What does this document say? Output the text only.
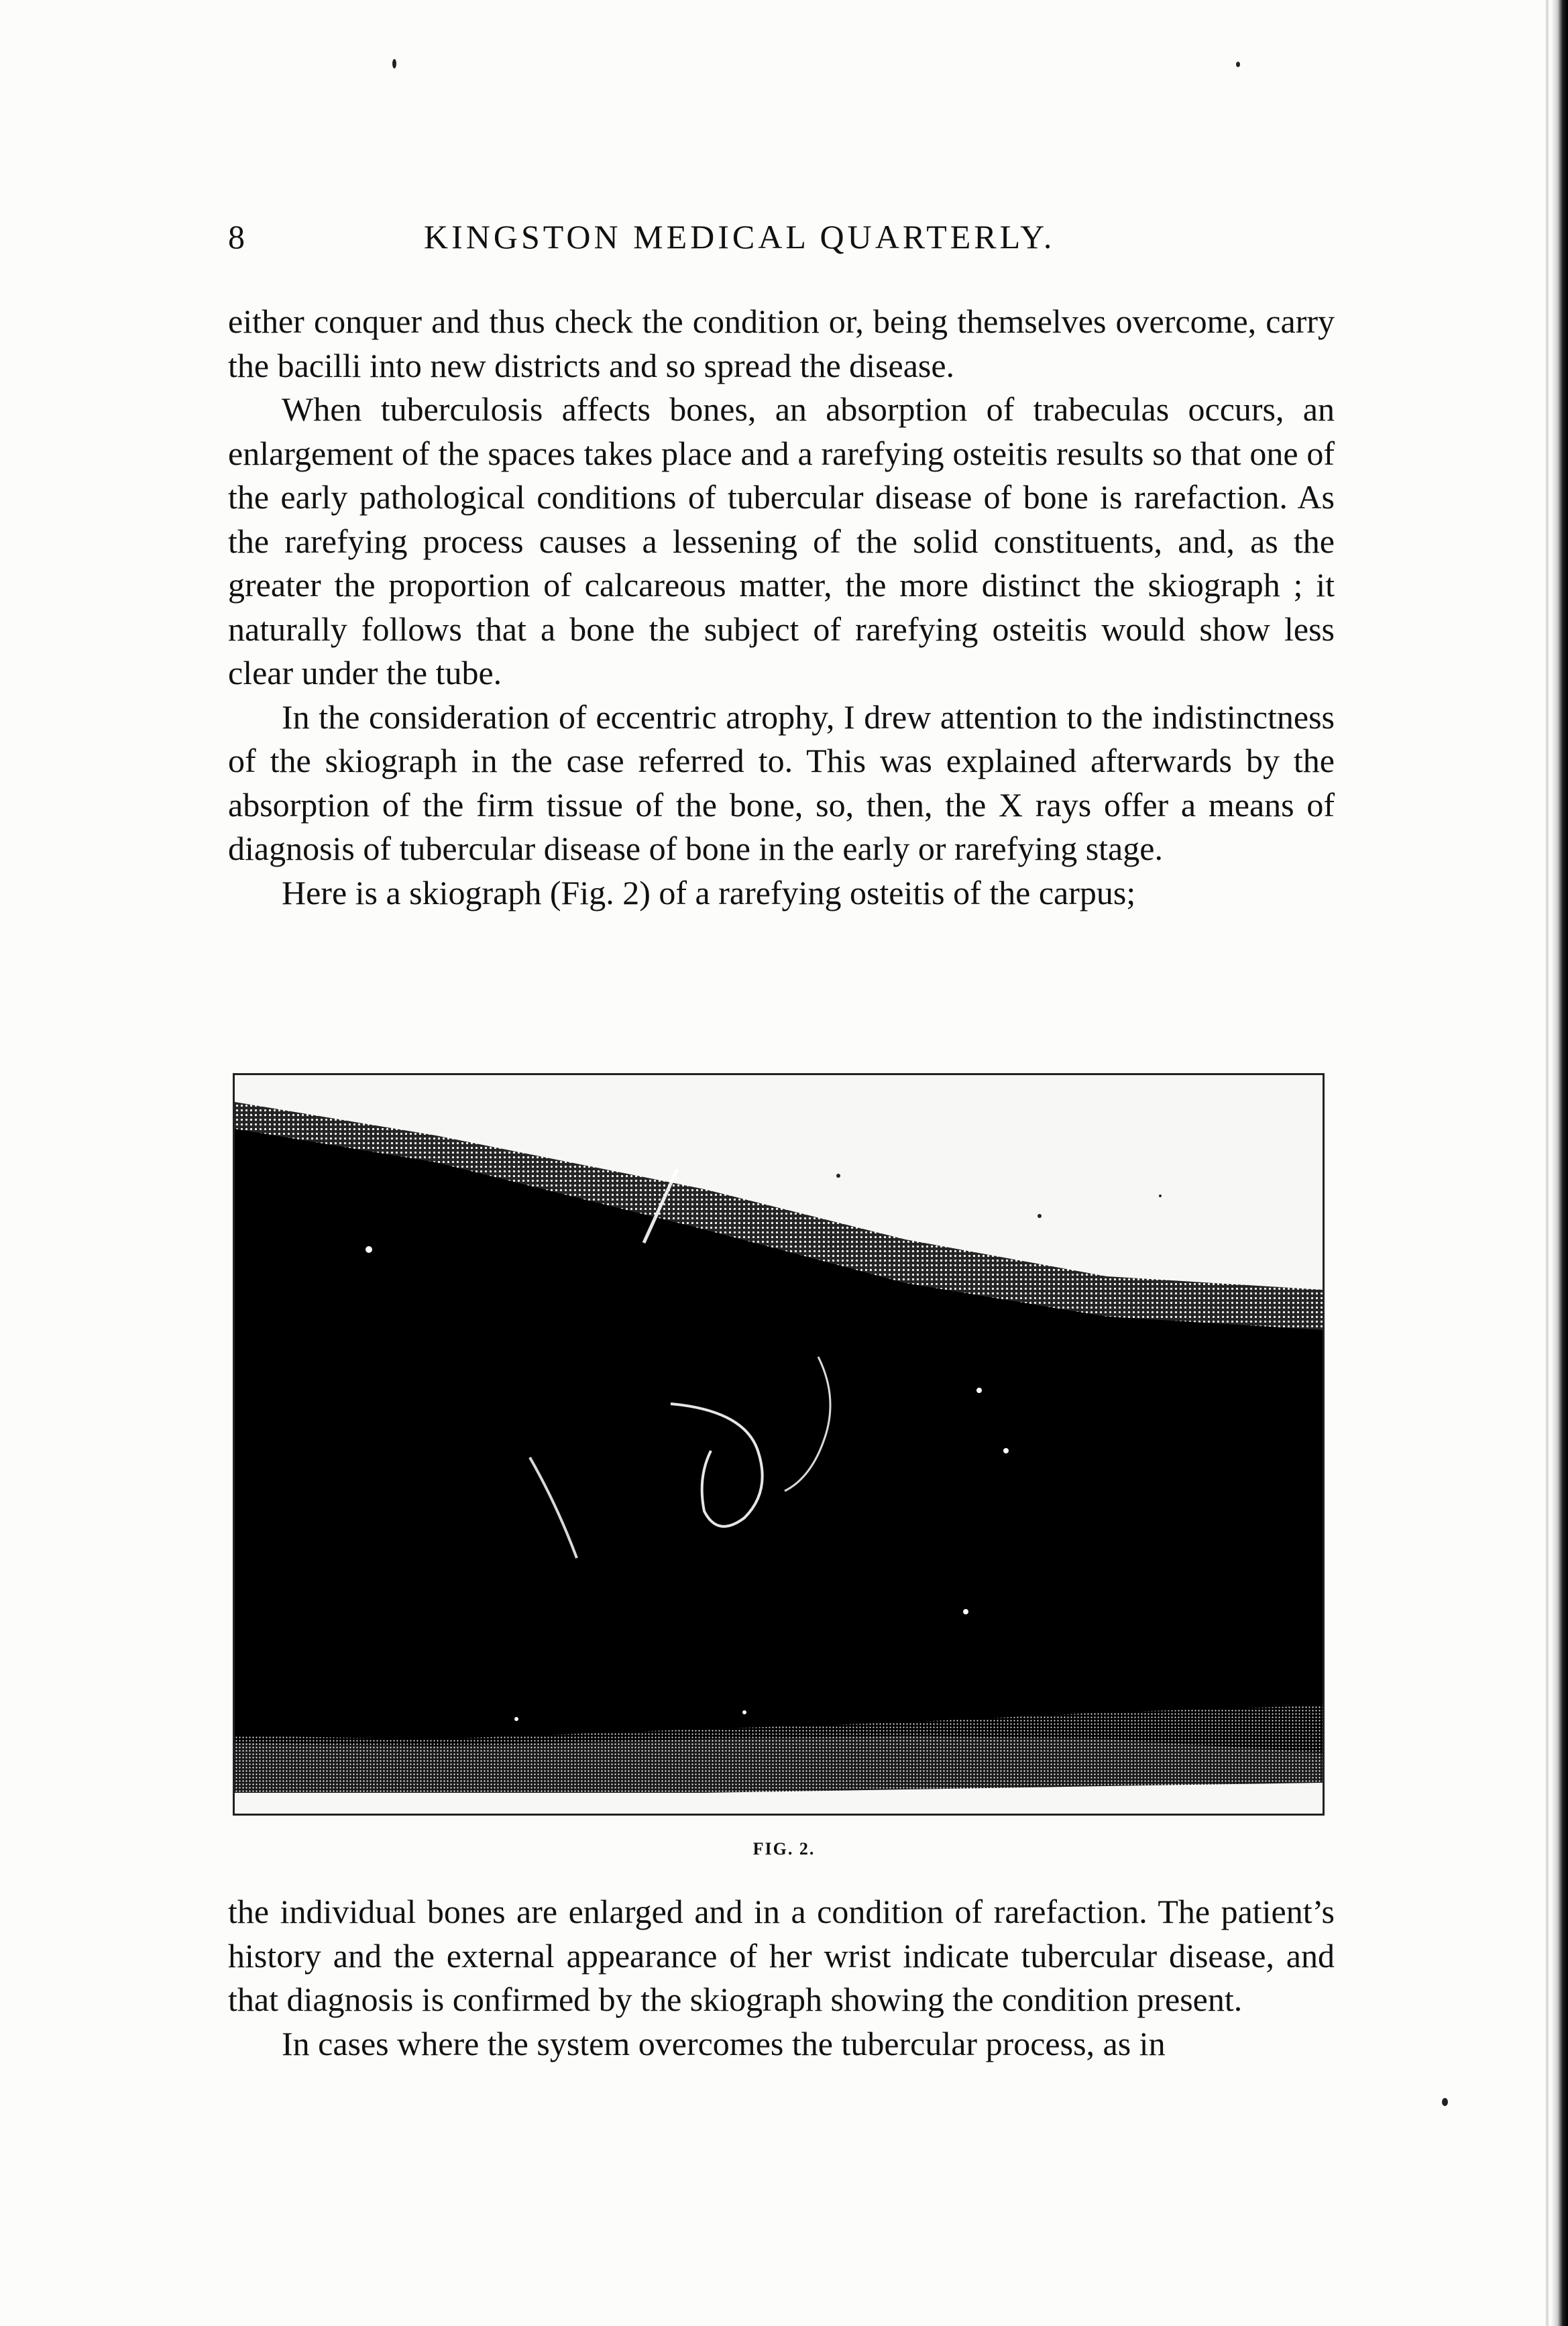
8	KINGSTON MEDICAL QUARTERLY.

either conquer and thus check the condition or, being themselves overcome, carry the bacilli into new districts and so spread the disease.

When tuberculosis affects bones, an absorption of trabeculas occurs, an enlargement of the spaces takes place and a rarefying osteitis results so that one of the early pathological conditions of tubercular disease of bone is rarefaction. As the rarefying process causes a lessening of the solid constituents, and, as the greater the proportion of calcareous matter, the more distinct the skiograph ; it naturally follows that a bone the subject of rarefying osteitis would show less clear under the tube.

In the consideration of eccentric atrophy, I drew attention to the indistinctness of the skiograph in the case referred to. This was explained afterwards by the absorption of the firm tissue of the bone, so, then, the X rays offer a means of diagnosis of tubercular disease of bone in the early or rarefying stage.

Here is a skiograph (Fig. 2) of a rarefying osteitis of the carpus;

FIG. 2.

the individual bones are enlarged and in a condition of rarefaction. The patient’s history and the external appearance of her wrist indicate tubercular disease, and that diagnosis is confirmed by the skiograph showing the condition present.

In cases where the system overcomes the tubercular process, as in
